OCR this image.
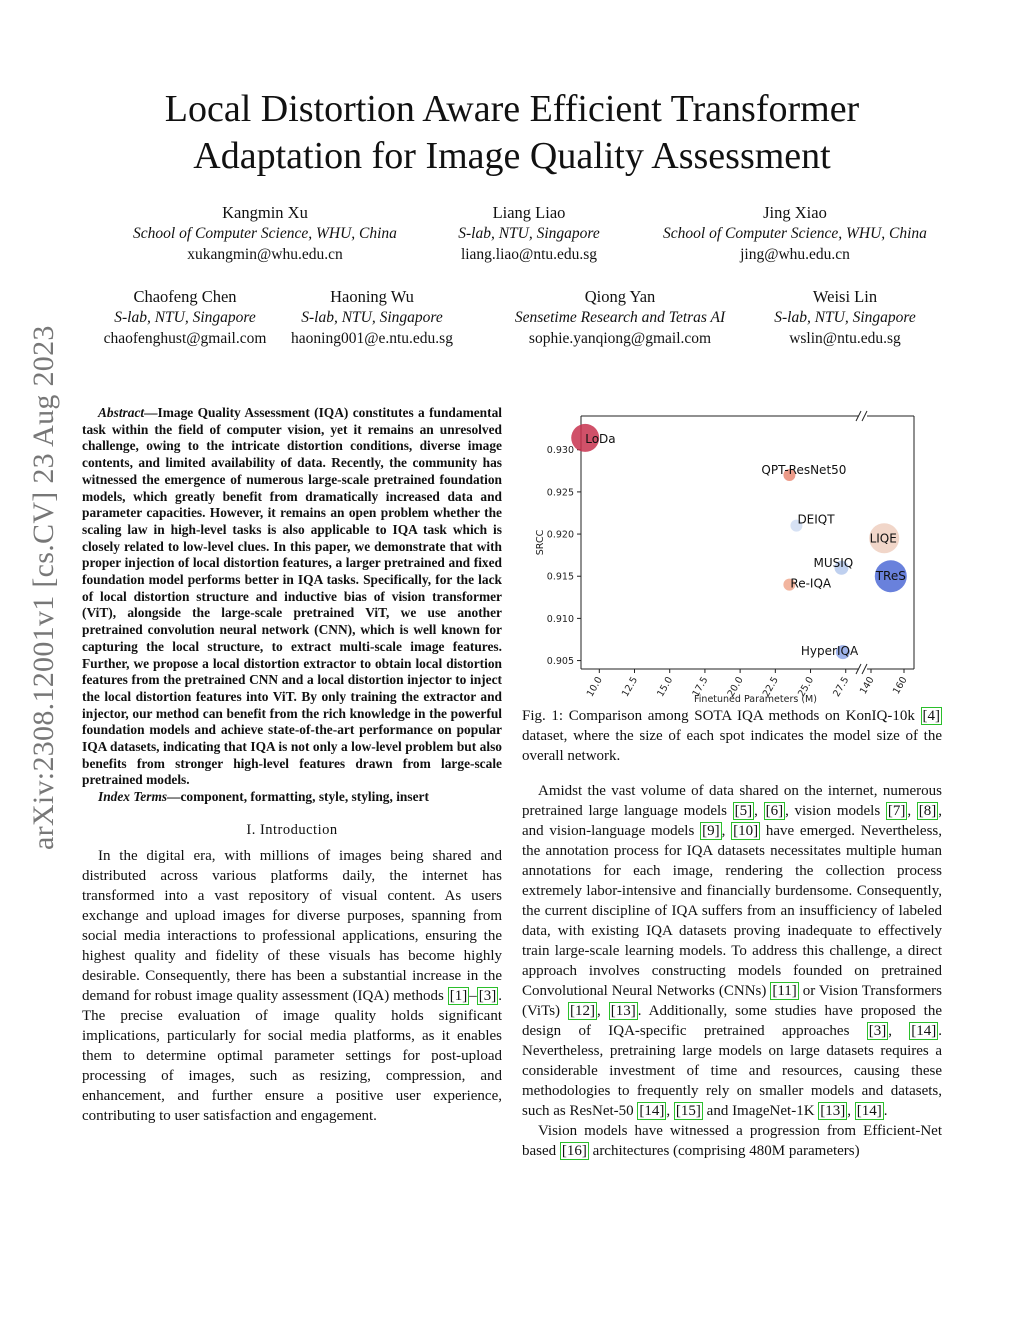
Local Distortion Aware Efficient Transformer
Adaptation for Image Quality Assessment
Kangmin Xu
School of Computer Science, WHU, China
xukangmin@whu.edu.cn
Liang Liao
S-lab, NTU, Singapore
liang.liao@ntu.edu.sg
Jing Xiao
School of Computer Science, WHU, China
jing@whu.edu.cn
Chaofeng Chen
S-lab, NTU, Singapore
chaofenghust@gmail.com
Haoning Wu
S-lab, NTU, Singapore
haoning001@e.ntu.edu.sg
Qiong Yan
Sensetime Research and Tetras AI
sophie.yanqiong@gmail.com
Weisi Lin
S-lab, NTU, Singapore
wslin@ntu.edu.sg
arXiv:2308.12001v1 [cs.CV] 23 Aug 2023	Abstract—Image Quality Assessment (IQA) constitutes a fundamental task within the field of computer vision, yet it remains an unresolved challenge, owing to the intricate distortion conditions, diverse image contents, and limited availability of data. Recently, the community has witnessed the emergence of numerous large-scale pretrained foundation models, which greatly benefit from dramatically increased data and parameter capacities. However, it remains an open problem whether the scaling law in high-level tasks is also applicable to IQA task which is closely related to low-level clues. In this paper, we demonstrate that with proper injection of local distortion features, a larger pretrained and fixed foundation model performs better in IQA tasks. Specifically, for the lack of local distortion structure and inductive bias of vision transformer (ViT), alongside the large-scale pretrained ViT, we use another pretrained convolution neural network (CNN), which is well known for capturing the local structure, to extract multi-scale image features. Further, we propose a local distortion extractor to obtain local distortion features from the pretrained CNN and a local distortion injector to inject the local distortion features into ViT. By only training the extractor and injector, our method can benefit from the rich knowledge in the powerful foundation models and achieve state-of-the-art performance on popular IQA datasets, indicating that IQA is not only a low-level problem but also benefits from stronger high-level features drawn from large-scale pretrained models.

Index Terms—component, formatting, style, styling, insert

I. Introduction

In the digital era, with millions of images being shared and distributed across various platforms daily, the internet has transformed into a vast repository of visual content. As users exchange and upload images for diverse purposes, spanning from social media interactions to professional applications, ensuring the highest quality and fidelity of these visuals has become highly desirable. Consequently, there has been a substantial increase in the demand for robust image quality assessment (IQA) methods [1] – [3] . The precise evaluation of image quality holds significant implications, particularly for social media platforms, as it enables them to determine optimal parameter settings for post-upload processing of images, such as resizing, compression, and enhancement, and further ensure a positive user experience, contributing to user satisfaction and engagement.

0.905
0.910
0.915
0.920
0.925
0.930
10.0 12.5 15.0 17.5 20.0 22.5 25.0 27.5 140 160
Finetuned Parameters (M)
SRCC
LoDa
QPT-ResNet50
DEIQT
LIQE
MUSIQ
TReS
Re-IQA
HyperIQA
Fig. 1: Comparison among SOTA IQA methods on KonIQ-10k [4] dataset, where the size of each spot indicates the model size of the overall network.

Amidst the vast volume of data shared on the internet, numerous pretrained large language models [5] , [6] , vision models [7] , [8] , and vision-language models [9] , [10] have emerged. Nevertheless, the annotation process for IQA datasets necessitates multiple human annotations for each image, rendering the collection process extremely labor-intensive and financially burdensome. Consequently, the current discipline of IQA suffers from an insufficiency of labeled data, with existing IQA datasets proving inadequate to effectively train large-scale learning models. To address this challenge, a direct approach involves constructing models founded on pretrained Convolutional Neural Networks (CNNs) [11] or Vision Transformers (ViTs) [12] , [13] . Additionally, some studies have proposed the design of IQA-specific pretrained approaches [3] , [14] . Nevertheless, pretraining large models on large datasets requires a considerable investment of time and resources, causing these methodologies to frequently rely on smaller models and datasets, such as ResNet-50 [14] , [15] and ImageNet-1K [13] , [14] .

Vision models have witnessed a progression from Efficient-Net based [16] architectures (comprising 480M parameters)
